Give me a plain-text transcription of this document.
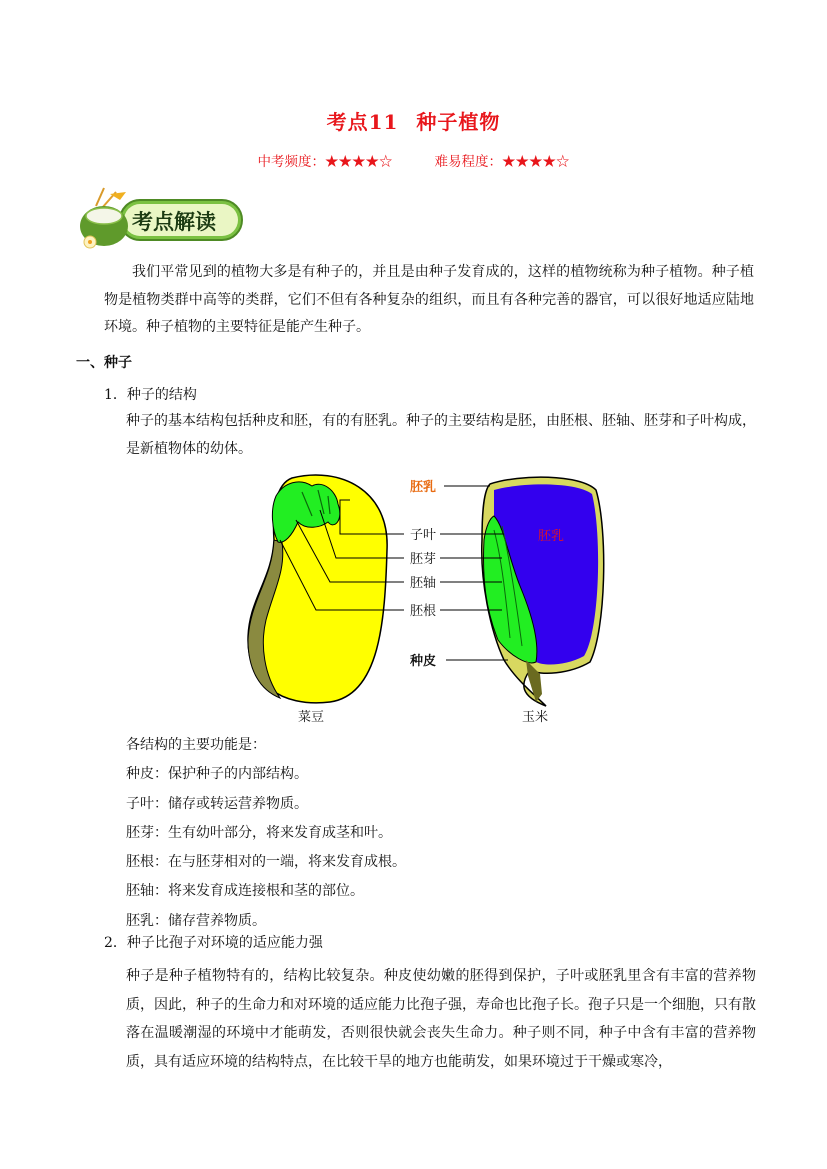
考点11 种子植物
中考频度：★★★★☆	难易程度：★★★★☆
考点解读
我们平常见到的植物大多是有种子的，并且是由种子发育成的，这样的植物统称为种子植物。种子植物是植物类群中高等的类群，它们不但有各种复杂的组织，而且有各种完善的器官，可以很好地适应陆地环境。种子植物的主要特征是能产生种子。
一、种子
1．种子的结构
种子的基本结构包括种皮和胚，有的有胚乳。种子的主要结构是胚，由胚根、胚轴、胚芽和子叶构成，是新植物体的幼体。
胚乳
子叶
胚芽
胚轴
胚根
种皮
胚乳
菜豆	玉米
各结构的主要功能是：
种皮：保护种子的内部结构。
子叶：储存或转运营养物质。
胚芽：生有幼叶部分，将来发育成茎和叶。
胚根：在与胚芽相对的一端，将来发育成根。
胚轴：将来发育成连接根和茎的部位。
胚乳：储存营养物质。
2．种子比孢子对环境的适应能力强
种子是种子植物特有的，结构比较复杂。种皮使幼嫩的胚得到保护，子叶或胚乳里含有丰富的营养物质，因此，种子的生命力和对环境的适应能力比孢子强，寿命也比孢子长。孢子只是一个细胞，只有散落在温暖潮湿的环境中才能萌发，否则很快就会丧失生命力。种子则不同，种子中含有丰富的营养物质，具有适应环境的结构特点，在比较干旱的地方也能萌发，如果环境过于干燥或寒冷，
